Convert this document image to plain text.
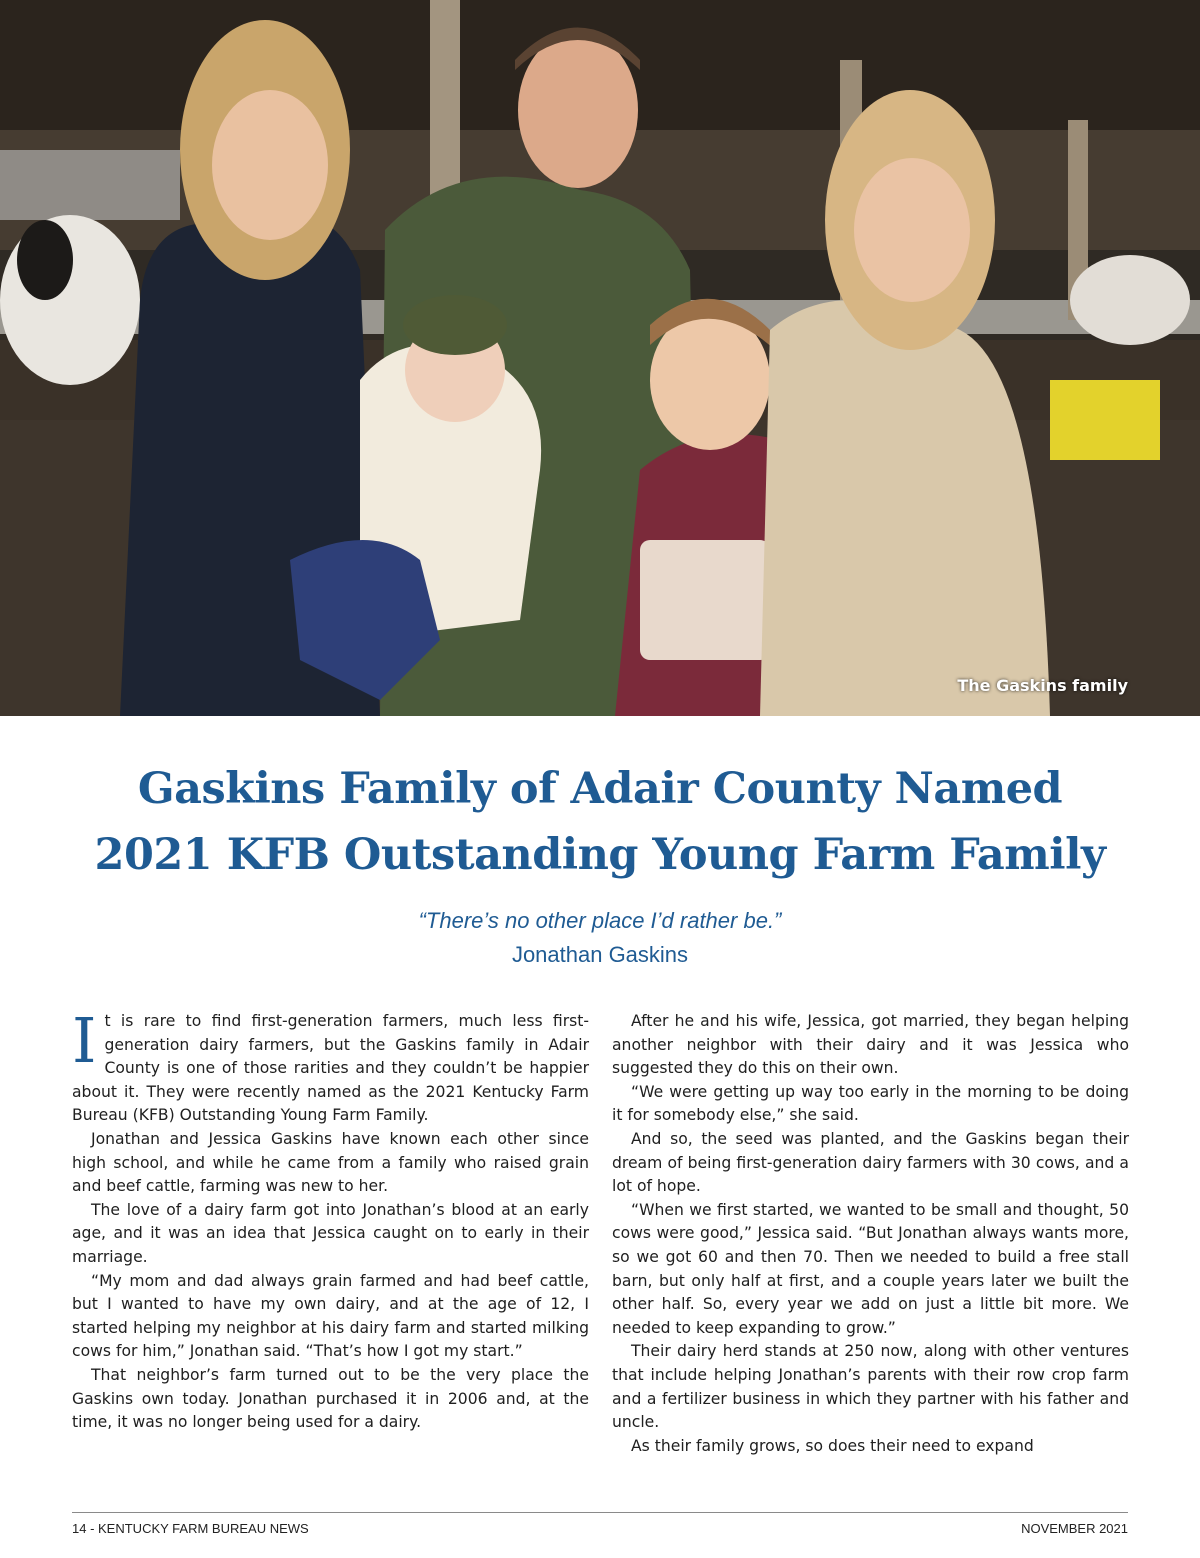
The Gaskins family
Gaskins Family of Adair County Named
2021 KFB Outstanding Young Farm Family
“There’s no other place I’d rather be.”
Jonathan Gaskins

It is rare to find first-generation farmers, much less first-generation dairy farmers, but the Gaskins family in Adair County is one of those rarities and they couldn’t be happier about it. They were recently named as the 2021 Kentucky Farm Bureau (KFB) Outstanding Young Farm Family.

Jonathan and Jessica Gaskins have known each other since high school, and while he came from a family who raised grain and beef cattle, farming was new to her.

The love of a dairy farm got into Jonathan’s blood at an early age, and it was an idea that Jessica caught on to early in their marriage.

“My mom and dad always grain farmed and had beef cattle, but I wanted to have my own dairy, and at the age of 12, I started helping my neighbor at his dairy farm and started milking cows for him,” Jonathan said. “That’s how I got my start.”

That neighbor’s farm turned out to be the very place the Gaskins own today. Jonathan purchased it in 2006 and, at the time, it was no longer being used for a dairy.

After he and his wife, Jessica, got married, they began helping another neighbor with their dairy and it was Jessica who suggested they do this on their own.

“We were getting up way too early in the morning to be doing it for somebody else,” she said.

And so, the seed was planted, and the Gaskins began their dream of being first-generation dairy farmers with 30 cows, and a lot of hope.

“When we first started, we wanted to be small and thought, 50 cows were good,” Jessica said. “But Jonathan always wants more, so we got 60 and then 70. Then we needed to build a free stall barn, but only half at first, and a couple years later we built the other half. So, every year we add on just a little bit more. We needed to keep expanding to grow.”

Their dairy herd stands at 250 now, along with other ventures that include helping Jonathan’s parents with their row crop farm and a fertilizer business in which they partner with his father and uncle.

As their family grows, so does their need to expand

14 - KENTUCKY FARM BUREAU NEWS	NOVEMBER 2021
